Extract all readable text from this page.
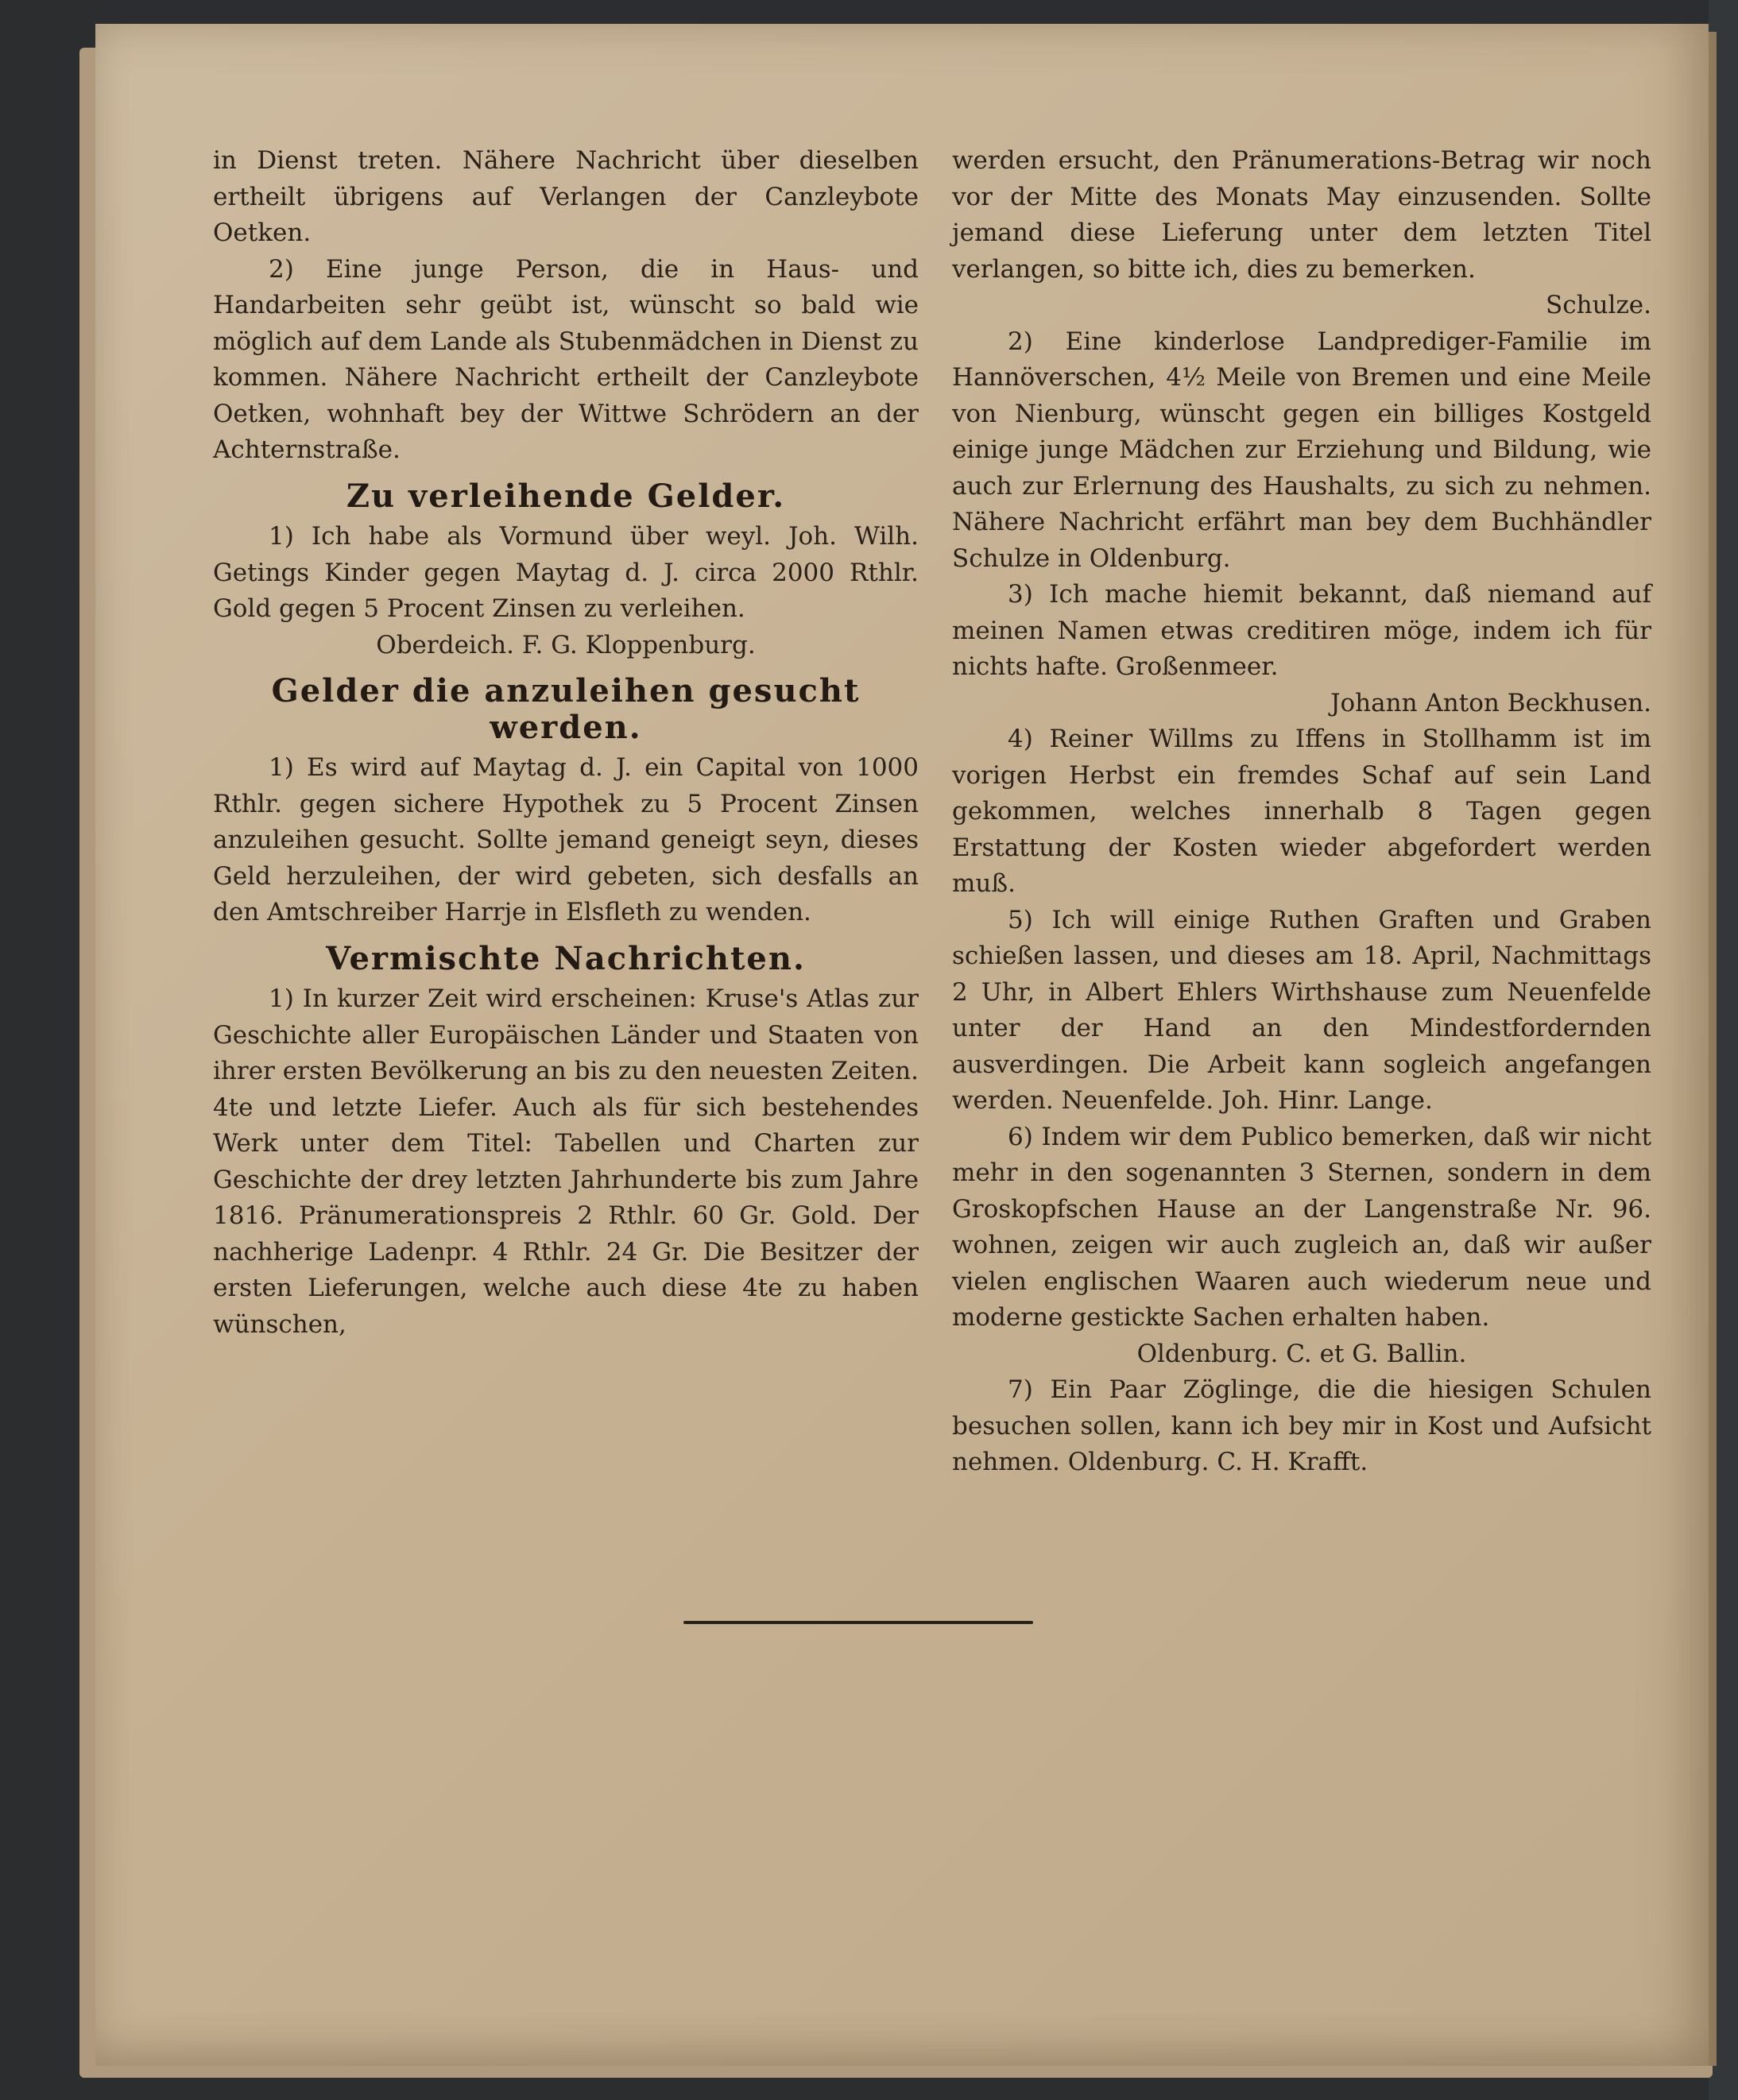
in Dienst treten. Nähere Nachricht über dieselben ertheilt übrigens auf Verlangen der Canzleybote Oetken.

2) Eine junge Person, die in Haus- und Handarbeiten sehr geübt ist, wünscht so bald wie möglich auf dem Lande als Stubenmädchen in Dienst zu kommen. Nähere Nachricht ertheilt der Canzleybote Oetken, wohnhaft bey der Wittwe Schrödern an der Achternstraße.

Zu verleihende Gelder.

1) Ich habe als Vormund über weyl. Joh. Wilh. Getings Kinder gegen Maytag d. J. circa 2000 Rthlr. Gold gegen 5 Procent Zinsen zu verleihen.

Oberdeich. F. G. Kloppenburg.

Gelder die anzuleihen gesucht werden.

1) Es wird auf Maytag d. J. ein Capital von 1000 Rthlr. gegen sichere Hypothek zu 5 Procent Zinsen anzuleihen gesucht. Sollte jemand geneigt seyn, dieses Geld herzuleihen, der wird gebeten, sich desfalls an den Amtschreiber Harrje in Elsfleth zu wenden.

Vermischte Nachrichten.

1) In kurzer Zeit wird erscheinen: Kruse's Atlas zur Geschichte aller Europäischen Länder und Staaten von ihrer ersten Bevölkerung an bis zu den neuesten Zeiten. 4te und letzte Liefer. Auch als für sich bestehendes Werk unter dem Titel: Tabellen und Charten zur Geschichte der drey letzten Jahrhunderte bis zum Jahre 1816. Pränumerationspreis 2 Rthlr. 60 Gr. Gold. Der nachherige Ladenpr. 4 Rthlr. 24 Gr. Die Besitzer der ersten Lieferungen, welche auch diese 4te zu haben wünschen,

werden ersucht, den Pränumerations-Betrag wir noch vor der Mitte des Monats May einzusenden. Sollte jemand diese Lieferung unter dem letzten Titel verlangen, so bitte ich, dies zu bemerken.

Schulze.

2) Eine kinderlose Landprediger-Familie im Hannöverschen, 4½ Meile von Bremen und eine Meile von Nienburg, wünscht gegen ein billiges Kostgeld einige junge Mädchen zur Erziehung und Bildung, wie auch zur Erlernung des Haushalts, zu sich zu nehmen. Nähere Nachricht erfährt man bey dem Buchhändler Schulze in Oldenburg.

3) Ich mache hiemit bekannt, daß niemand auf meinen Namen etwas creditiren möge, indem ich für nichts hafte. Großenmeer.

Johann Anton Beckhusen.

4) Reiner Willms zu Iffens in Stollhamm ist im vorigen Herbst ein fremdes Schaf auf sein Land gekommen, welches innerhalb 8 Tagen gegen Erstattung der Kosten wieder abgefordert werden muß.

5) Ich will einige Ruthen Graften und Graben schießen lassen, und dieses am 18. April, Nachmittags 2 Uhr, in Albert Ehlers Wirthshause zum Neuenfelde unter der Hand an den Mindestfordernden ausverdingen. Die Arbeit kann sogleich angefangen werden. Neuenfelde. Joh. Hinr. Lange.

6) Indem wir dem Publico bemerken, daß wir nicht mehr in den sogenannten 3 Sternen, sondern in dem Groskopfschen Hause an der Langenstraße Nr. 96. wohnen, zeigen wir auch zugleich an, daß wir außer vielen englischen Waaren auch wiederum neue und moderne gestickte Sachen erhalten haben.

Oldenburg. C. et G. Ballin.

7) Ein Paar Zöglinge, die die hiesigen Schulen besuchen sollen, kann ich bey mir in Kost und Aufsicht nehmen. Oldenburg. C. H. Krafft.
